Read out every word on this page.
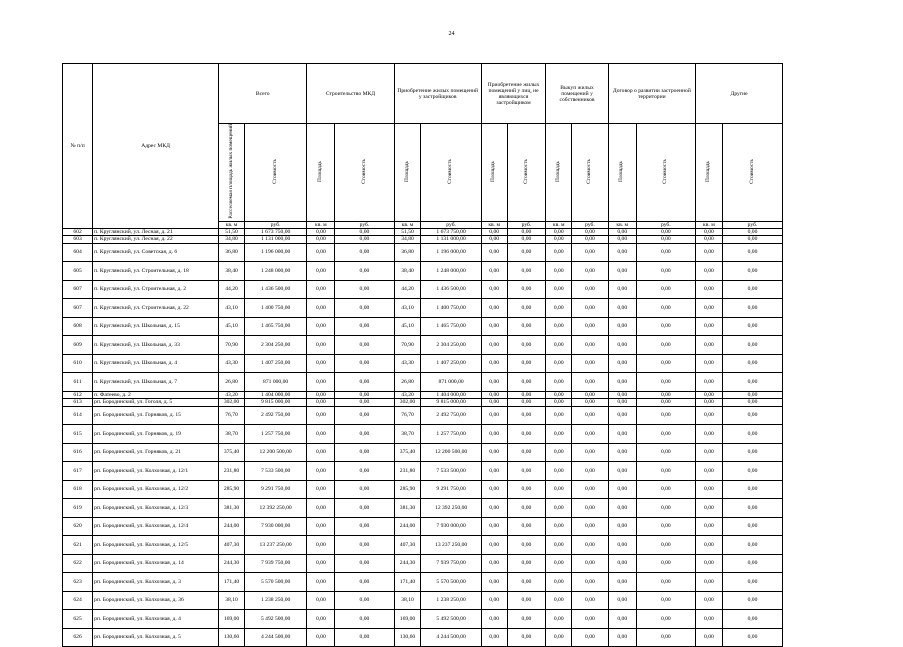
24
№ п/п	Адрес МКД	Всего		Строительство МКД		Приобретение жилых помещений у застройщиков		Приобретение жилых помещений у лиц, не являющихся застройщиком		Выкуп жилых помещений у собственников		Договор о развитии застроенной территории		Другие	
		Расселяемая площадь жилых помещений	Стоимость	Площадь	Стоимость	Площадь	Стоимость	Площадь	Стоимость	Площадь	Стоимость	Площадь	Стоимость	Площадь	Стоимость
		кв. м	руб.	кв. м	руб.	кв. м	руб.	кв. м	руб.	кв. м	руб.	кв. м	руб.	кв. м	руб.
602	п. Круглянский, ул. Лесная, д. 21	51,50	1 673 750,00	0,00	0,00	51,50	1 673 750,00	0,00	0,00	0,00	0,00	0,00	0,00	0,00	0,00
603	п. Круглянский, ул. Лесная, д. 22	34,80	1 131 000,00	0,00	0,00	34,80	1 131 000,00	0,00	0,00	0,00	0,00	0,00	0,00	0,00	0,00
604	п. Круглянский, ул. Советская, д. 6	36,80	1 196 000,00	0,00	0,00	36,80	1 196 000,00	0,00	0,00	0,00	0,00	0,00	0,00	0,00	0,00
605	п. Круглянский, ул. Строительная, д. 18	38,40	1 248 000,00	0,00	0,00	38,40	1 248 000,00	0,00	0,00	0,00	0,00	0,00	0,00	0,00	0,00
607	п. Круглянский, ул. Строительная, д. 2	44,20	1 436 500,00	0,00	0,00	44,20	1 436 500,00	0,00	0,00	0,00	0,00	0,00	0,00	0,00	0,00
607	п. Круглянский, ул. Строительная, д. 22	43,10	1 400 750,00	0,00	0,00	43,10	1 400 750,00	0,00	0,00	0,00	0,00	0,00	0,00	0,00	0,00
608	п. Круглянский, ул. Школьная, д. 15	45,10	1 465 750,00	0,00	0,00	45,10	1 465 750,00	0,00	0,00	0,00	0,00	0,00	0,00	0,00	0,00
609	п. Круглянский, ул. Школьная, д. 33	70,90	2 304 250,00	0,00	0,00	70,90	2 304 250,00	0,00	0,00	0,00	0,00	0,00	0,00	0,00	0,00
610	п. Круглянский, ул. Школьная, д. 4	43,30	1 407 250,00	0,00	0,00	43,30	1 407 250,00	0,00	0,00	0,00	0,00	0,00	0,00	0,00	0,00
611	п. Круглянский, ул. Школьная, д. 7	26,80	871 000,00	0,00	0,00	26,80	871 000,00	0,00	0,00	0,00	0,00	0,00	0,00	0,00	0,00
612	п. Фатеево, д. 2	43,20	1 404 000,00	0,00	0,00	43,20	1 404 000,00	0,00	0,00	0,00	0,00	0,00	0,00	0,00	0,00
613	рп. Бородинский, ул. Гоголя, д. 5	302,00	9 815 000,00	0,00	0,00	302,00	9 815 000,00	0,00	0,00	0,00	0,00	0,00	0,00	0,00	0,00
614	рп. Бородинский, ул. Горняков, д. 15	76,70	2 492 750,00	0,00	0,00	76,70	2 492 750,00	0,00	0,00	0,00	0,00	0,00	0,00	0,00	0,00
615	рп. Бородинский, ул. Горняков, д. 19	38,70	1 257 750,00	0,00	0,00	38,70	1 257 750,00	0,00	0,00	0,00	0,00	0,00	0,00	0,00	0,00
616	рп. Бородинский, ул. Горняков, д. 21	375,40	12 200 500,00	0,00	0,00	375,40	12 200 500,00	0,00	0,00	0,00	0,00	0,00	0,00	0,00	0,00
617	рп. Бородинский, ул. Колхозная, д. 12/1	231,80	7 533 500,00	0,00	0,00	231,80	7 533 500,00	0,00	0,00	0,00	0,00	0,00	0,00	0,00	0,00
618	рп. Бородинский, ул. Колхозная, д. 12/2	285,90	9 291 750,00	0,00	0,00	285,90	9 291 750,00	0,00	0,00	0,00	0,00	0,00	0,00	0,00	0,00
619	рп. Бородинский, ул. Колхозная, д. 12/3	381,30	12 392 250,00	0,00	0,00	381,30	12 392 250,00	0,00	0,00	0,00	0,00	0,00	0,00	0,00	0,00
620	рп. Бородинский, ул. Колхозная, д. 12/4	244,00	7 930 000,00	0,00	0,00	244,00	7 930 000,00	0,00	0,00	0,00	0,00	0,00	0,00	0,00	0,00
621	рп. Бородинский, ул. Колхозная, д. 12/5	407,30	13 237 250,00	0,00	0,00	407,30	13 237 250,00	0,00	0,00	0,00	0,00	0,00	0,00	0,00	0,00
622	рп. Бородинский, ул. Колхозная, д. 14	244,30	7 939 750,00	0,00	0,00	244,30	7 939 750,00	0,00	0,00	0,00	0,00	0,00	0,00	0,00	0,00
623	рп. Бородинский, ул. Колхозная, д. 3	171,40	5 570 500,00	0,00	0,00	171,40	5 570 500,00	0,00	0,00	0,00	0,00	0,00	0,00	0,00	0,00
624	рп. Бородинский, ул. Колхозная, д. 36	38,10	1 238 250,00	0,00	0,00	38,10	1 238 250,00	0,00	0,00	0,00	0,00	0,00	0,00	0,00	0,00
625	рп. Бородинский, ул. Колхозная, д. 4	169,00	5 492 500,00	0,00	0,00	169,00	5 492 500,00	0,00	0,00	0,00	0,00	0,00	0,00	0,00	0,00
626	рп. Бородинский, ул. Колхозная, д. 5	130,60	4 244 500,00	0,00	0,00	130,60	4 244 500,00	0,00	0,00	0,00	0,00	0,00	0,00	0,00	0,00
